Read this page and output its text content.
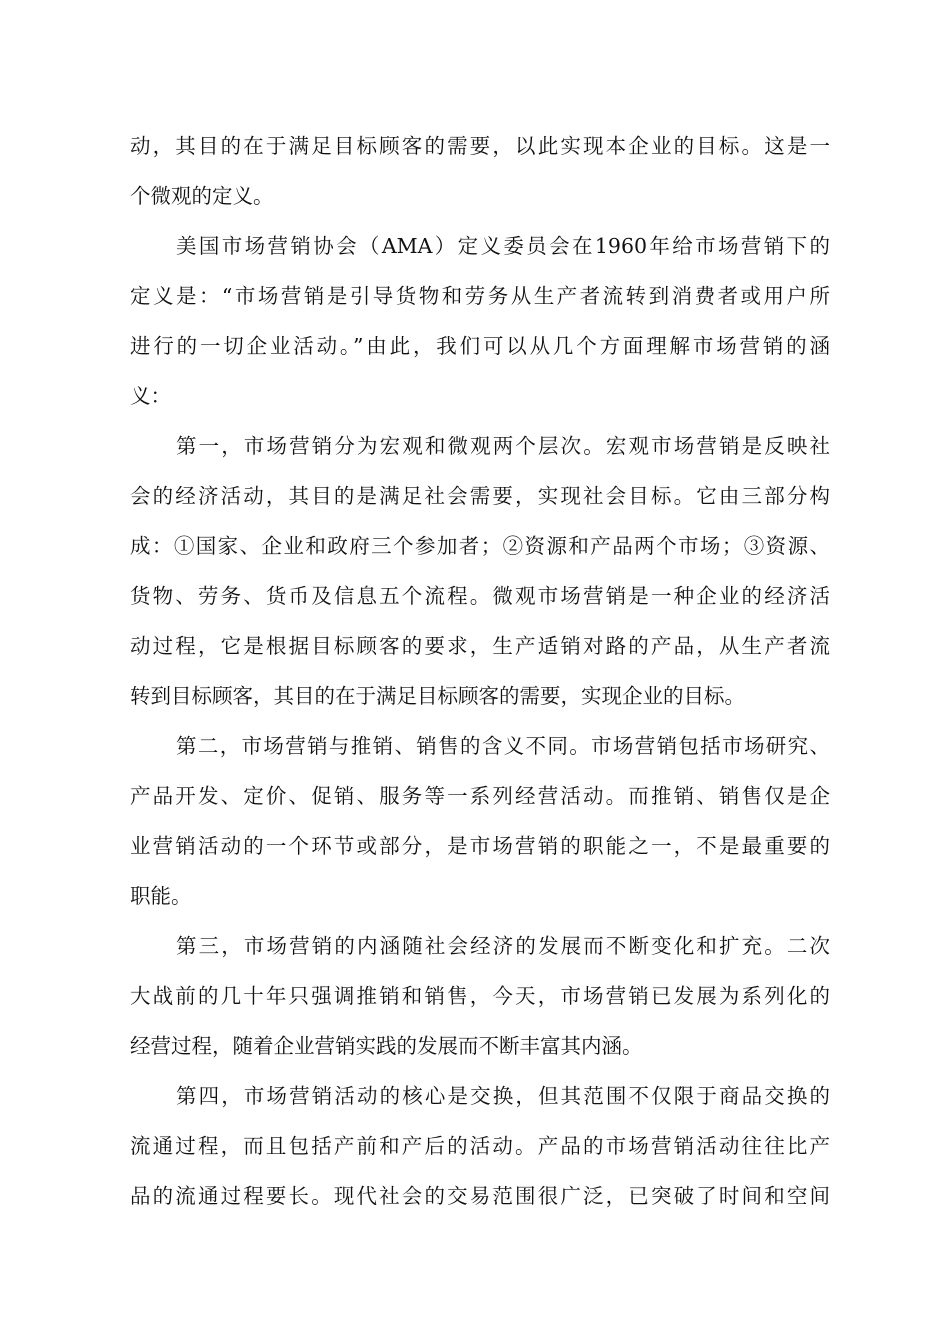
动，其目的在于满足目标顾客的需要，以此实现本企业的目标。这是一
个微观的定义。
美国市场营销协会（AMA）定义委员会在1960年给市场营销下的
定义是：“市场营销是引导货物和劳务从生产者流转到消费者或用户所
进行的一切企业活动。”由此，我们可以从几个方面理解市场营销的涵
义：
第一，市场营销分为宏观和微观两个层次。宏观市场营销是反映社
会的经济活动，其目的是满足社会需要，实现社会目标。它由三部分构
成：①国家、企业和政府三个参加者；②资源和产品两个市场；③资源、
货物、劳务、货币及信息五个流程。微观市场营销是一种企业的经济活
动过程，它是根据目标顾客的要求，生产适销对路的产品，从生产者流
转到目标顾客，其目的在于满足目标顾客的需要，实现企业的目标。
第二，市场营销与推销、销售的含义不同。市场营销包括市场研究、
产品开发、定价、促销、服务等一系列经营活动。而推销、销售仅是企
业营销活动的一个环节或部分，是市场营销的职能之一，不是最重要的
职能。
第三，市场营销的内涵随社会经济的发展而不断变化和扩充。二次
大战前的几十年只强调推销和销售，今天，市场营销已发展为系列化的
经营过程，随着企业营销实践的发展而不断丰富其内涵。
第四，市场营销活动的核心是交换，但其范围不仅限于商品交换的
流通过程，而且包括产前和产后的活动。产品的市场营销活动往往比产
品的流通过程要长。现代社会的交易范围很广泛，已突破了时间和空间
